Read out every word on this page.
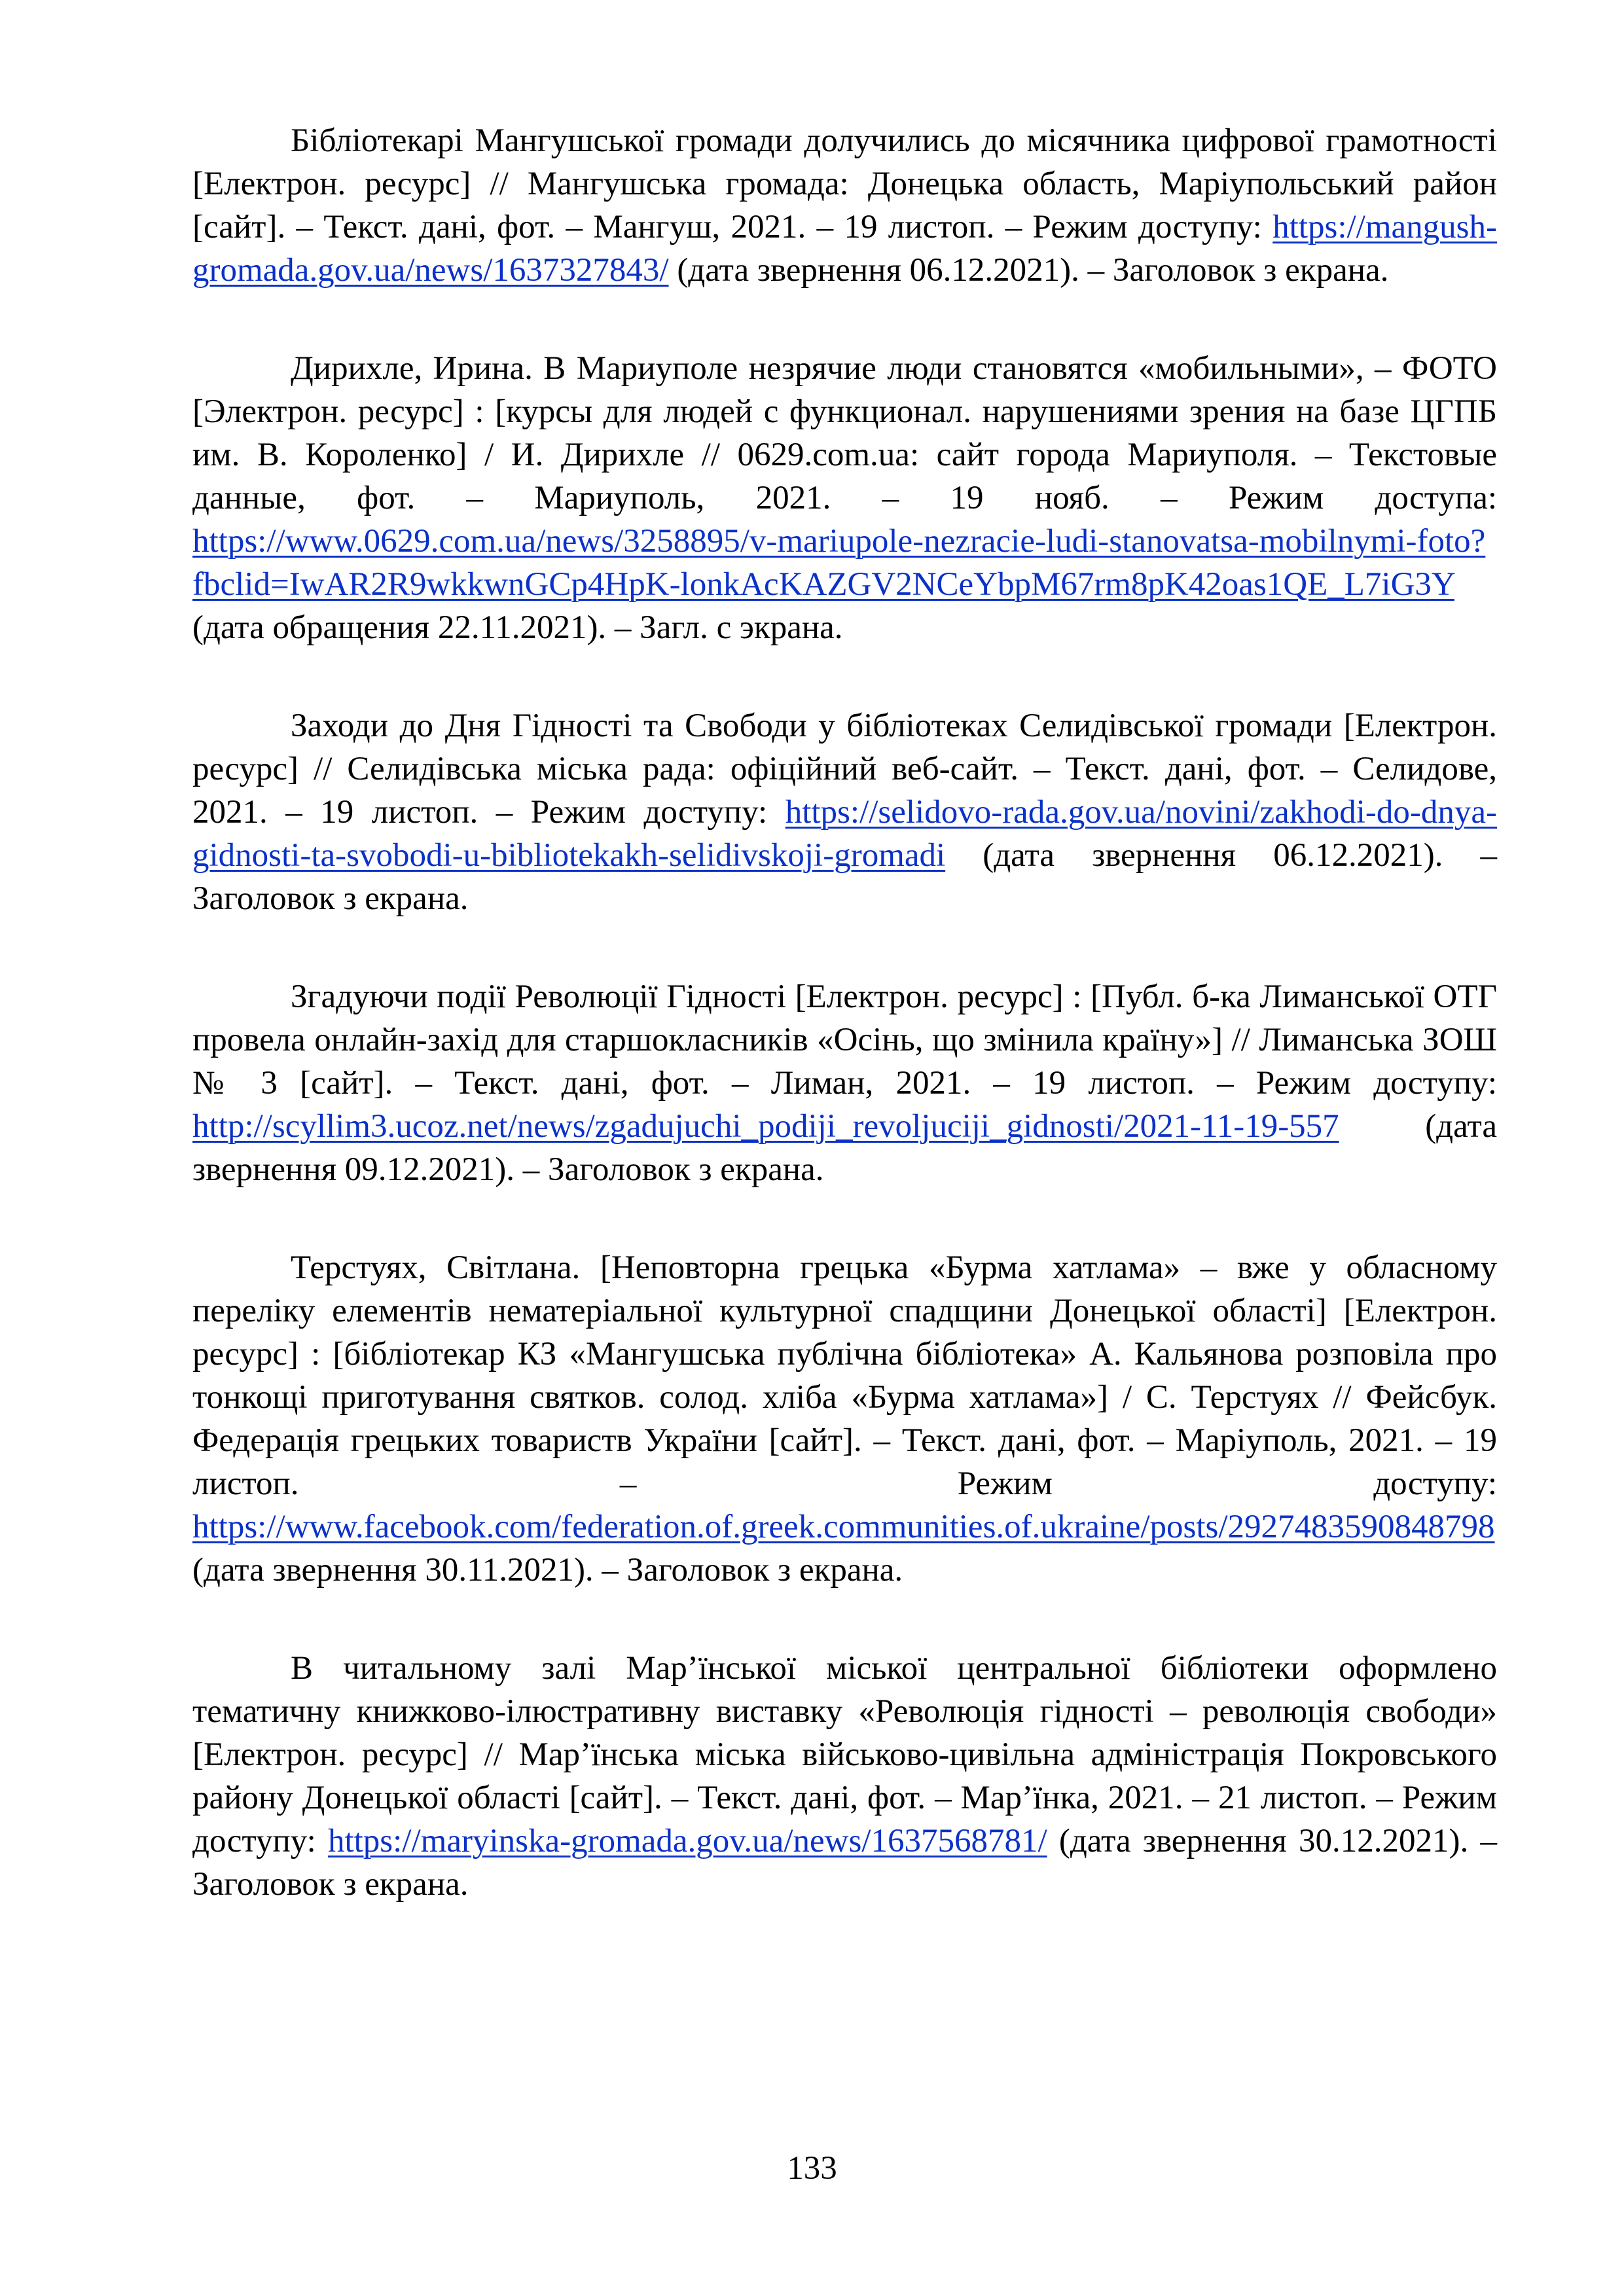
Бібліотекарі Мангушської громади долучились до місячника цифрової грамотності [Електрон. ресурс] // Мангушська громада: Донецька область, Маріупольський район [сайт]. – Текст. дані, фот. – Мангуш, 2021. – 19 листоп. – Режим доступу: https://mangush-gromada.gov.ua/news/1637327843/ (дата звернення 06.12.2021). – Заголовок з екрана.

Дирихле, Ирина. В Мариуполе незрячие люди становятся «мобильными», – ФОТО [Электрон. ресурс] : [курсы для людей с функционал. нарушениями зрения на базе ЦГПБ им. В. Короленко] / И. Дирихле // 0629.com.ua: сайт города Мариуполя. – Текстовые данные, фот. – Мариуполь, 2021. – 19 нояб. – Режим доступа: https://www.0629.com.ua/news/3258895/v-mariupole-nezracie-ludi-stanovatsa-mobilnymi-foto?fbclid=IwAR2R9wkkwnGCp4HpK-lonkAcKAZGV2NCeYbpM67rm8pK42oas1QE_L7iG3Y (дата обращения 22.11.2021). – Загл. с экрана.

Заходи до Дня Гідності та Свободи у бібліотеках Селидівської громади [Електрон. ресурс] // Селидівська міська рада: офіційний веб-сайт. – Текст. дані, фот. – Селидове, 2021. – 19 листоп. – Режим доступу: https://selidovo-rada.gov.ua/novini/zakhodi-do-dnya-gidnosti-ta-svobodi-u-bibliotekakh-selidivskoji-gromadi (дата звернення 06.12.2021). – Заголовок з екрана.

Згадуючи події Революції Гідності [Електрон. ресурс] : [Публ. б-ка Лиманської ОТГ провела онлайн-захід для старшокласників «Осінь, що змінила країну»] // Лиманська ЗОШ № 3 [сайт]. – Текст. дані, фот. – Лиман, 2021. – 19 листоп. – Режим доступу: http://scyllim3.ucoz.net/news/zgadujuchi_podiji_revoljuciji_gidnosti/2021-11-19-557 (дата звернення 09.12.2021). – Заголовок з екрана.

Терстуях, Світлана. [Неповторна грецька «Бурма хатлама» – вже у обласному переліку елементів нематеріальної культурної спадщини Донецької області] [Електрон. ресурс] : [бібліотекар КЗ «Мангушська публічна бібліотека» А. Кальянова розповіла про тонкощі приготування святков. солод. хліба «Бурма хатлама»] / С. Терстуях // Фейсбук. Федерація грецьких товариств України [сайт]. – Текст. дані, фот. – Маріуполь, 2021. – 19 листоп. – Режим доступу: https://www.facebook.com/federation.of.greek.communities.of.ukraine/posts/2927483590848798 (дата звернення 30.11.2021). – Заголовок з екрана.

В читальному залі Мар’їнської міської центральної бібліотеки оформлено тематичну книжково-ілюстративну виставку «Революція гідності – революція свободи» [Електрон. ресурс] // Мар’їнська міська військово-цивільна адміністрація Покровського району Донецької області [сайт]. – Текст. дані, фот. – Мар’їнка, 2021. – 21 листоп. – Режим доступу: https://maryinska-gromada.gov.ua/news/1637568781/ (дата звернення 30.12.2021). – Заголовок з екрана.

133
